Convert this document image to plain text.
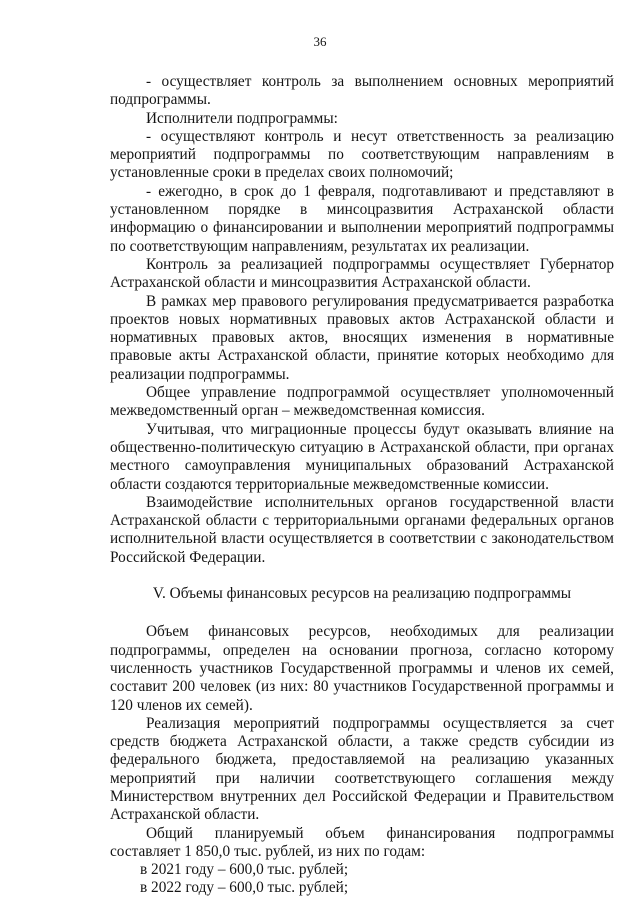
36

- осуществляет контроль за выполнением основных мероприятий подпрограммы.

Исполнители подпрограммы:

- осуществляют контроль и несут ответственность за реализацию мероприятий подпрограммы по соответствующим направлениям в установленные сроки в пределах своих полномочий;

- ежегодно, в срок до 1 февраля, подготавливают и представляют в установленном порядке в минсоцразвития Астраханской области информацию о финансировании и выполнении мероприятий подпрограммы по соответствующим направлениям, результатах их реализации.

Контроль за реализацией подпрограммы осуществляет Губернатор Астраханской области и минсоцразвития Астраханской области.

В рамках мер правового регулирования предусматривается разработка проектов новых нормативных правовых актов Астраханской области и нормативных правовых актов, вносящих изменения в нормативные правовые акты Астраханской области, принятие которых необходимо для реализации подпрограммы.

Общее управление подпрограммой осуществляет уполномоченный межведомственный орган – межведомственная комиссия.

Учитывая, что миграционные процессы будут оказывать влияние на общественно-политическую ситуацию в Астраханской области, при органах местного самоуправления муниципальных образований Астраханской области создаются территориальные межведомственные комиссии.

Взаимодействие исполнительных органов государственной власти Астраханской области с территориальными органами федеральных органов исполнительной власти осуществляется в соответствии с законодательством Российской Федерации.

V. Объемы финансовых ресурсов на реализацию подпрограммы

Объем финансовых ресурсов, необходимых для реализации подпрограммы, определен на основании прогноза, согласно которому численность участников Государственной программы и членов их семей, составит 200 человек (из них: 80 участников Государственной программы и 120 членов их семей).

Реализация мероприятий подпрограммы осуществляется за счет средств бюджета Астраханской области, а также средств субсидии из федерального бюджета, предоставляемой на реализацию указанных мероприятий при наличии соответствующего соглашения между Министерством внутренних дел Российской Федерации и Правительством Астраханской области.

Общий планируемый объем финансирования подпрограммы составляет 1 850,0 тыс. рублей, из них по годам:

в 2021 году – 600,0 тыс. рублей;

в 2022 году – 600,0 тыс. рублей;
